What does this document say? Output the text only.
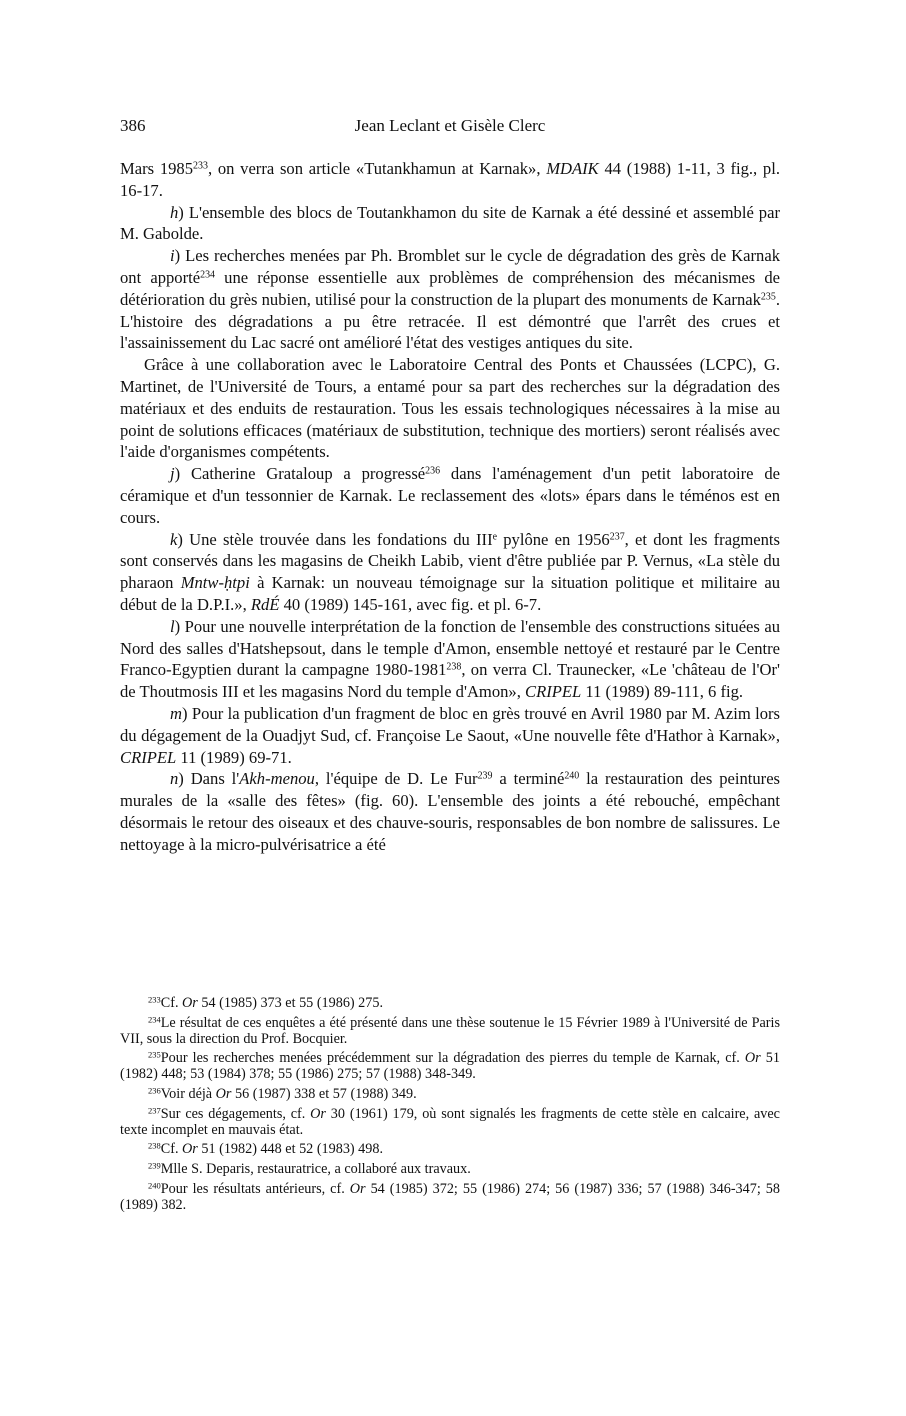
386	Jean Leclant et Gisèle Clerc

Mars 1985$^{233}$, on verra son article «Tutankhamun at Karnak», MDAIK 44 (1988) 1-11, 3 fig., pl. 16-17.

h) L'ensemble des blocs de Toutankhamon du site de Karnak a été dessiné et assemblé par M. Gabolde.

i) Les recherches menées par Ph. Bromblet sur le cycle de dégradation des grès de Karnak ont apporté$^{234}$ une réponse essentielle aux problèmes de compréhension des mécanismes de détérioration du grès nubien, utilisé pour la construction de la plupart des monuments de Karnak$^{235}$. L'histoire des dégradations a pu être retracée. Il est démontré que l'arrêt des crues et l'assainissement du Lac sacré ont amélioré l'état des vestiges antiques du site.

Grâce à une collaboration avec le Laboratoire Central des Ponts et Chaussées (LCPC), G. Martinet, de l'Université de Tours, a entamé pour sa part des recherches sur la dégradation des matériaux et des enduits de restauration. Tous les essais technologiques nécessaires à la mise au point de solutions efficaces (matériaux de substitution, technique des mortiers) seront réalisés avec l'aide d'organismes compétents.

j) Catherine Grataloup a progressé$^{236}$ dans l'aménagement d'un petit laboratoire de céramique et d'un tessonnier de Karnak. Le reclassement des «lots» épars dans le téménos est en cours.

k) Une stèle trouvée dans les fondations du IIIe pylône en 1956$^{237}$, et dont les fragments sont conservés dans les magasins de Cheikh Labib, vient d'être publiée par P. Vernus, «La stèle du pharaon Mntw-ḥtpi à Karnak: un nouveau témoignage sur la situation politique et militaire au début de la D.P.I.», RdÉ 40 (1989) 145-161, avec fig. et pl. 6-7.

l) Pour une nouvelle interprétation de la fonction de l'ensemble des constructions situées au Nord des salles d'Hatshepsout, dans le temple d'Amon, ensemble nettoyé et restauré par le Centre Franco-Egyptien durant la campagne 1980-1981$^{238}$, on verra Cl. Traunecker, «Le 'château de l'Or' de Thoutmosis III et les magasins Nord du temple d'Amon», CRIPEL 11 (1989) 89-111, 6 fig.

m) Pour la publication d'un fragment de bloc en grès trouvé en Avril 1980 par M. Azim lors du dégagement de la Ouadjyt Sud, cf. Françoise Le Saout, «Une nouvelle fête d'Hathor à Karnak», CRIPEL 11 (1989) 69-71.

n) Dans l'Akh-menou, l'équipe de D. Le Fur$^{239}$ a terminé$^{240}$ la restauration des peintures murales de la «salle des fêtes» (fig. 60). L'ensemble des joints a été rebouché, empêchant désormais le retour des oiseaux et des chauve-souris, responsables de bon nombre de salissures. Le nettoyage à la micro-pulvérisatrice a été

$^{233}$Cf. Or 54 (1985) 373 et 55 (1986) 275.

$^{234}$Le résultat de ces enquêtes a été présenté dans une thèse soutenue le 15 Février 1989 à l'Université de Paris VII, sous la direction du Prof. Bocquier.

$^{235}$Pour les recherches menées précédemment sur la dégradation des pierres du temple de Karnak, cf. Or 51 (1982) 448; 53 (1984) 378; 55 (1986) 275; 57 (1988) 348-349.

$^{236}$Voir déjà Or 56 (1987) 338 et 57 (1988) 349.

$^{237}$Sur ces dégagements, cf. Or 30 (1961) 179, où sont signalés les fragments de cette stèle en calcaire, avec texte incomplet en mauvais état.

$^{238}$Cf. Or 51 (1982) 448 et 52 (1983) 498.

$^{239}$Mlle S. Deparis, restauratrice, a collaboré aux travaux.

$^{240}$Pour les résultats antérieurs, cf. Or 54 (1985) 372; 55 (1986) 274; 56 (1987) 336; 57 (1988) 346-347; 58 (1989) 382.
